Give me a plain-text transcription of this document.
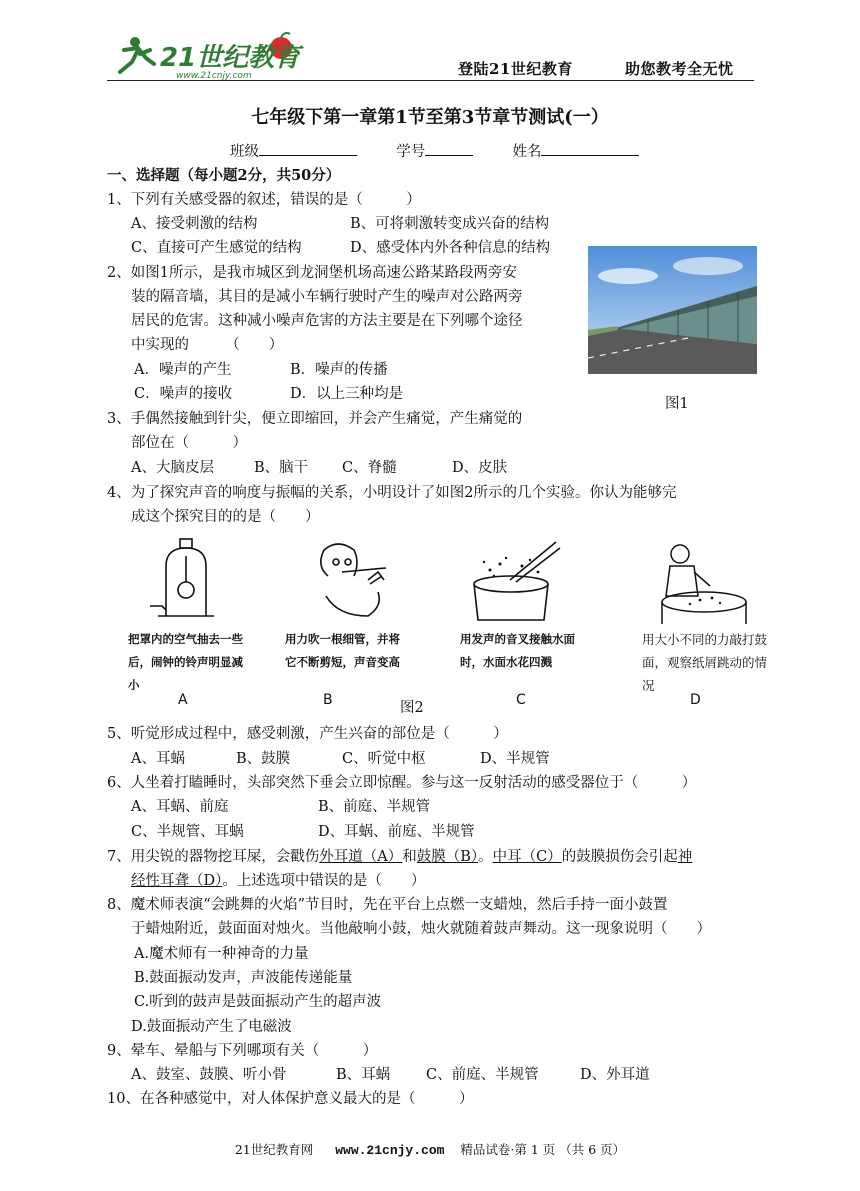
21世纪教育
www.21cnjy.com	登陆21世纪教育	助您教考全无忧
七年级下第一章第1节至第3节章节测试(一）
班级	学号	姓名
一、选择题（每小题2分，共50分）
1、下列有关感受器的叙述，错误的是（　　　）
A、接受刺激的结构	B、可将刺激转变成兴奋的结构
C、直接可产生感觉的结构	D、感受体内外各种信息的结构
2、如图1所示，是我市城区到龙洞堡机场高速公路某路段两旁安
装的隔音墙，其目的是减小车辆行驶时产生的噪声对公路两旁
居民的危害。这种减小噪声危害的方法主要是在下列哪个途径
中实现的　　　（　　）
A．噪声的产生	B．噪声的传播
C．噪声的接收	D．以上三种均是
图1
3、手偶然接触到针尖，便立即缩回，并会产生痛觉，产生痛觉的
部位在（　　　）
A、大脑皮层	B、脑干 C、脊髓	D、皮肤
4、为了探究声音的响度与振幅的关系，小明设计了如图2所示的几个实验。你认为能够完
成这个探究目的的是（　　）
把罩内的空气抽去一些后，闹钟的铃声明显减小
A
用力吹一根细管，并将它不断剪短，声音变高
B
用发声的音叉接触水面时，水面水花四溅
C
用大小不同的力敲打鼓面，观察纸屑跳动的情况
D
图2
5、听觉形成过程中，感受刺激，产生兴奋的部位是（　　　）
A、耳蜗	B、鼓膜	C、听觉中枢	D、半规管
6、人坐着打瞌睡时，头部突然下垂会立即惊醒。参与这一反射活动的感受器位于（　　　）
A、耳蜗、前庭	B、前庭、半规管
C、半规管、耳蜗	D、耳蜗、前庭、半规管
7、用尖锐的器物挖耳屎，会戳伤外耳道（A）和鼓膜（B）。中耳（C）的鼓膜损伤会引起神
经性耳聋（D）。上述选项中错误的是（　　）
8、魔术师表演“会跳舞的火焰”节目时，先在平台上点燃一支蜡烛，然后手持一面小鼓置
于蜡烛附近，鼓面面对烛火。当他敲响小鼓，烛火就随着鼓声舞动。这一现象说明（　　）
A.魔术师有一种神奇的力量
B.鼓面振动发声，声波能传递能量
C.听到的鼓声是鼓面振动产生的超声波
D.鼓面振动产生了电磁波
9、晕车、晕船与下列哪项有关（　　　）
A、鼓室、鼓膜、听小骨	B、耳蜗 C、前庭、半规管	D、外耳道
10、在各种感觉中，对人体保护意义最大的是（　　　）
21世纪教育网 www.21cnjy.com 精品试卷·第 1 页 （共 6 页）
